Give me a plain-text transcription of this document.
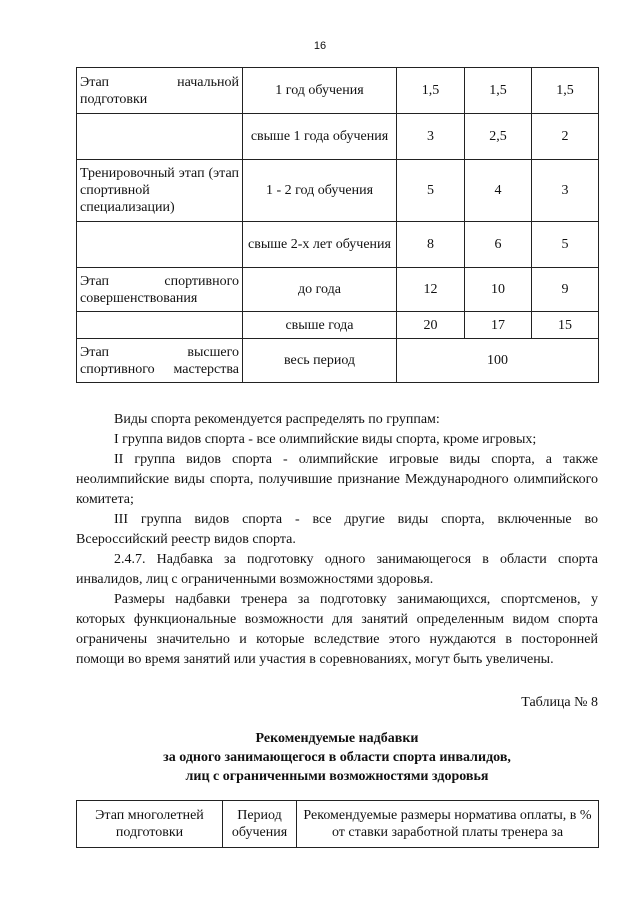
16
Этап начальной подготовки	1 год обучения	1,5	1,5	1,5
	свыше 1 года обучения	3	2,5	2
Тренировочный этап (этап спортивной специализации)	1 - 2 год обучения	5	4	3
	свыше 2-х лет обучения	8	6	5
Этап спортивного совершенствования	до года	12	10	9
	свыше года	20	17	15
Этап высшего спортивного мастерства	весь период	100		

Виды спорта рекомендуется распределять по группам:

I группа видов спорта - все олимпийские виды спорта, кроме игровых;

II группа видов спорта - олимпийские игровые виды спорта, а также неолимпийские виды спорта, получившие признание Международного олимпийского комитета;

III группа видов спорта - все другие виды спорта, включенные во Всероссийский реестр видов спорта.

2.4.7. Надбавка за подготовку одного занимающегося в области спорта инвалидов, лиц с ограниченными возможностями здоровья.

Размеры надбавки тренера за подготовку занимающихся, спортсменов, у которых функциональные возможности для занятий определенным видом спорта ограничены значительно и которые вследствие этого нуждаются в посторонней помощи во время занятий или участия в соревнованиях, могут быть увеличены.

Таблица № 8
Рекомендуемые надбавки
за одного занимающегося в области спорта инвалидов,
лиц с ограниченными возможностями здоровья
Этап многолетней подготовки	Период обучения	Рекомендуемые размеры норматива оплаты, в % от ставки заработной платы тренера за
